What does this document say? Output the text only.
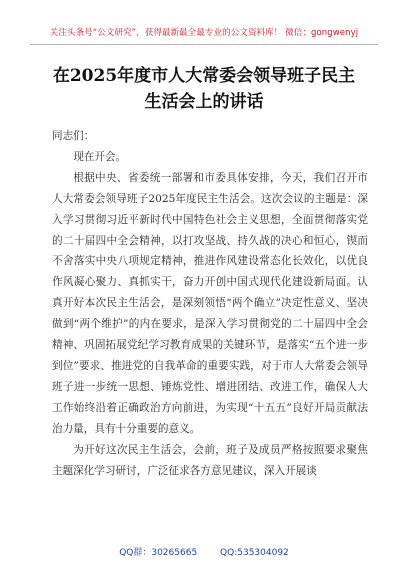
关注头条号“公文研究”，获得最新最全最专业的公文资料库！ 微信：gongwenyj
在2025年度市人大常委会领导班子民主
生活会上的讲话

同志们：

现在开会。

根据中央、省委统一部署和市委具体安排，今天，我们召开市人大常委会领导班子2025年度民主生活会。这次会议的主题是：深入学习贯彻习近平新时代中国特色社会主义思想，全面贯彻落实党的二十届四中全会精神，以打攻坚战、持久战的决心和恒心，锲而不舍落实中央八项规定精神，推进作风建设常态化长效化，以优良作风凝心聚力、真抓实干，奋力开创中国式现代化建设新局面。认真开好本次民主生活会，是深刻领悟“两个确立”决定性意义、坚决做到“两个维护”的内在要求，是深入学习贯彻党的二十届四中全会精神、巩固拓展党纪学习教育成果的关键环节，是落实“五个进一步到位”要求、推进党的自我革命的重要实践，对于市人大常委会领导班子进一步统一思想、锤炼党性、增进团结、改进工作，确保人大工作始终沿着正确政治方向前进，为实现“十五五”良好开局贡献法治力量，具有十分重要的意义。

为开好这次民主生活会，会前，班子及成员严格按照要求聚焦主题深化学习研讨，广泛征求各方意见建议，深入开展谈

QQ群：30265665	QQ:535304092
